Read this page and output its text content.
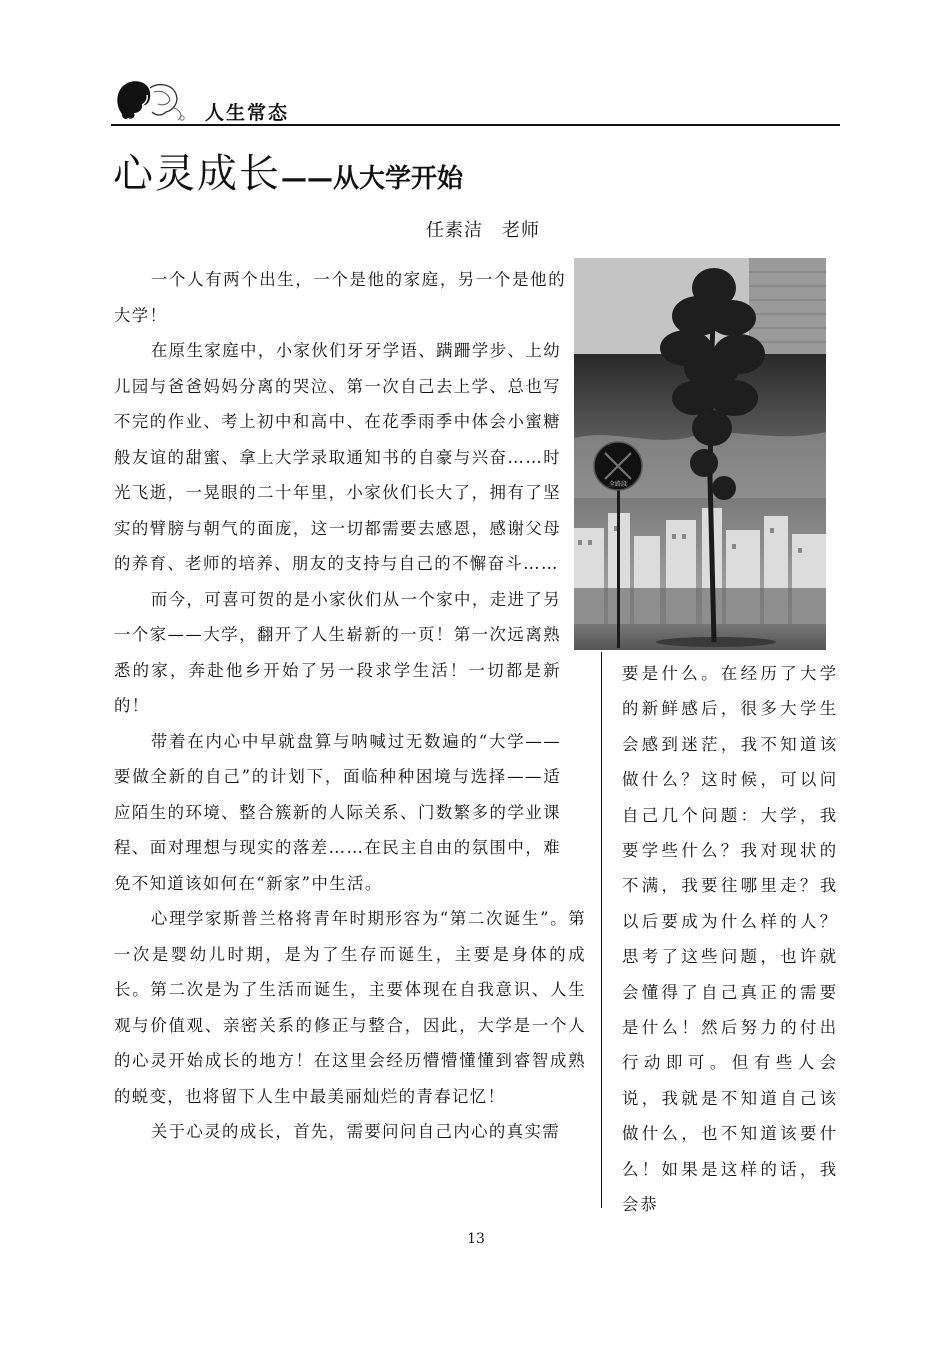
人生常态
心灵成长——从大学开始
任素洁　老师
全路段

一个人有两个出生，一个是他的家庭，另一个是他的大学！

在原生家庭中，小家伙们牙牙学语、蹒跚学步、上幼儿园与爸爸妈妈分离的哭泣、第一次自己去上学、总也写不完的作业、考上初中和高中、在花季雨季中体会小蜜糖般友谊的甜蜜、拿上大学录取通知书的自豪与兴奋……时光飞逝，一晃眼的二十年里，小家伙们长大了，拥有了坚实的臂膀与朝气的面庞，这一切都需要去感恩，感谢父母的养育、老师的培养、朋友的支持与自己的不懈奋斗……

而今，可喜可贺的是小家伙们从一个家中，走进了另一个家——大学，翻开了人生崭新的一页！第一次远离熟悉的家，奔赴他乡开始了另一段求学生活！一切都是新的！

带着在内心中早就盘算与呐喊过无数遍的“大学——要做全新的自己”的计划下，面临种种困境与选择——适应陌生的环境、整合簇新的人际关系、门数繁多的学业课程、面对理想与现实的落差……在民主自由的氛围中，难免不知道该如何在“新家”中生活。

心理学家斯普兰格将青年时期形容为“第二次诞生”。第一次是婴幼儿时期，是为了生存而诞生，主要是身体的成长。第二次是为了生活而诞生，主要体现在自我意识、人生观与价值观、亲密关系的修正与整合，因此，大学是一个人的心灵开始成长的地方！在这里会经历懵懵懂懂到睿智成熟的蜕变，也将留下人生中最美丽灿烂的青春记忆！

关于心灵的成长，首先，需要问问自己内心的真实需

要是什么。在经历了大学的新鲜感后，很多大学生会感到迷茫，我不知道该做什么？这时候，可以问自己几个问题：大学，我要学些什么？我对现状的不满，我要往哪里走？我以后要成为什么样的人？思考了这些问题，也许就会懂得了自己真正的需要是什么！然后努力的付出行动即可。但有些人会说，我就是不知道自己该做什么，也不知道该要什么！如果是这样的话，我会恭

13
